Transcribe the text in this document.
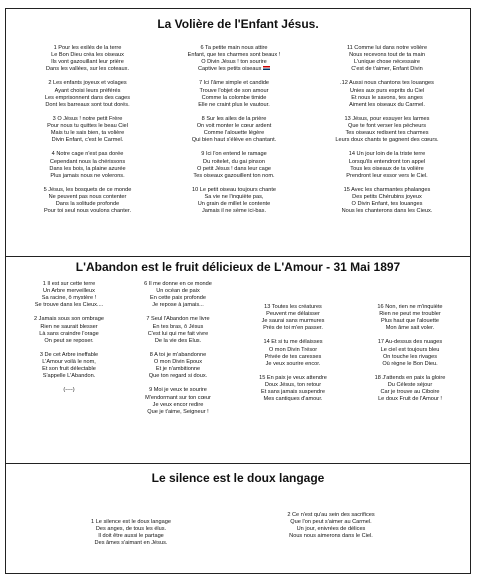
La Volière de l'Enfant Jésus.
1 Pour les exilés de la terre
Le Bon Dieu créa les oiseaux
Ils vont gazouillant leur prière
Dans les vallées, sur les coteaux.
2 Les enfants joyeux et volages
Ayant choisi leurs préférés
Les emprisonnent dans des cages
Dont les barreaux sont tout dorés.
3 O Jésus ! notre petit Frère
Pour nous tu quittes le beau Ciel
Mais tu le sais bien, ta volière
Divin Enfant, c'est le Carmel.
4 Notre cage n'est pas dorée
Cependant nous la chérissons
Dans les bois, la plaine azurée
Plus jamais nous ne volerons.
5 Jésus, les bosquets de ce monde
Ne peuvent pas nous contenter
Dans la solitude profonde
Pour toi seul nous voulons chanter.
6 Ta petite main nous attire
Enfant, que tes charmes sont beaux !
O Divin Jésus ! ton sourire
Captive les petits oiseaux
7 Ici l'âme simple et candide
Trouve l'objet de son amour
Comme la colombe timide
Elle ne craint plus le vautour.
8 Sur les ailes de la prière
On voit monter le cœur ardent
Comme l'alouette légère
Qui bien haut s'élève en chantant.
9 Ici l'on entend le ramage
Du roitelet, du gai pinson
O petit Jésus ! dans leur cage
Tes oiseaux gazouillent ton nom.
10 Le petit oiseau toujours chante
Sa vie ne l'inquiète pas,
Un grain de millet le contente
Jamais il ne sème ici-bas.
11 Comme lui dans notre volière
Nous recevons tout de ta main
L'unique chose nécessaire
C'est de t'aimer, Enfant Divin
.12 Aussi nous chantons tes louanges
Unies aux purs esprits du Ciel
Et nous le savons, tes anges
Aiment les oiseaux du Carmel.
13 Jésus, pour essuyer les larmes
Que te font verser les pécheurs
Tes oiseaux redisent tes charmes
Leurs doux chants te gagnent des cœurs.
14 Un jour loin de la triste terre
Lorsqu'ils entendront ton appel
Tous les oiseaux de ta volière
Prendront leur essor vers le Ciel.
15 Avec les charmantes phalanges
Des petits Chérubins joyeux
O Divin Enfant, tes louanges
Nous les chanterons dans les Cieux.
L'Abandon est le fruit délicieux de L'Amour - 31 Mai 1897
1 Il est sur cette terre
Un Arbre merveilleux
Sa racine, ô mystère !
Se trouve dans les Cieux....
2 Jamais sous son ombrage
Rien ne saurait blesser
Là sans craindre l'orage
On peut se reposer.
3 De cet Arbre ineffable
L'Amour voilà le nom,
Et son fruit délectable
S'appelle L'Abandon.
(----)
6 Il me donne en ce monde
Un océan de paix
En cette paix profonde
Je repose à jamais...
7 Seul l'Abandon me livre
En tes bras, ô Jésus
C'est lui qui me fait vivre
De la vie des Elus.
8 A toi je m'abandonne
O mon Divin Epoux
Et je n'ambitionne
Que ton regard si doux.
9 Moi je veux te sourire
M'endormant sur ton cœur
Je veux encor redire
Que je t'aime, Seigneur !
13 Toutes les créatures
Peuvent me délaisser
Je saurai sans murmures
Près de toi m'en passer.
14 Et si tu me délaisses
O mon Divin Trésor
Privée de tes caresses
Je veux sourire encor.
15 En paix je veux attendre
Doux Jésus, ton retour
Et sans jamais suspendre
Mes cantiques d'amour.
16 Non, rien ne m'inquiète
Rien ne peut me troubler
Plus haut que l'alouette
Mon âme sait voler.
17 Au-dessus des nuages
Le ciel est toujours bleu
On touche les rivages
Où règne le Bon Dieu.
18 J'attends en paix la gloire
Du Céleste séjour
Car je trouve au Ciboire
Le doux Fruit de l'Amour !
Le silence est le doux langage
1 Le silence est le doux langage
Des anges, de tous les élus.
Il doit être aussi le partage
Des âmes s'aimant en Jésus.
2 Ce n'est qu'au sein des sacrifices
Que l'on peut s'aimer au Carmel.
Un jour, enivrées de délices
Nous nous aimerons dans le Ciel.
